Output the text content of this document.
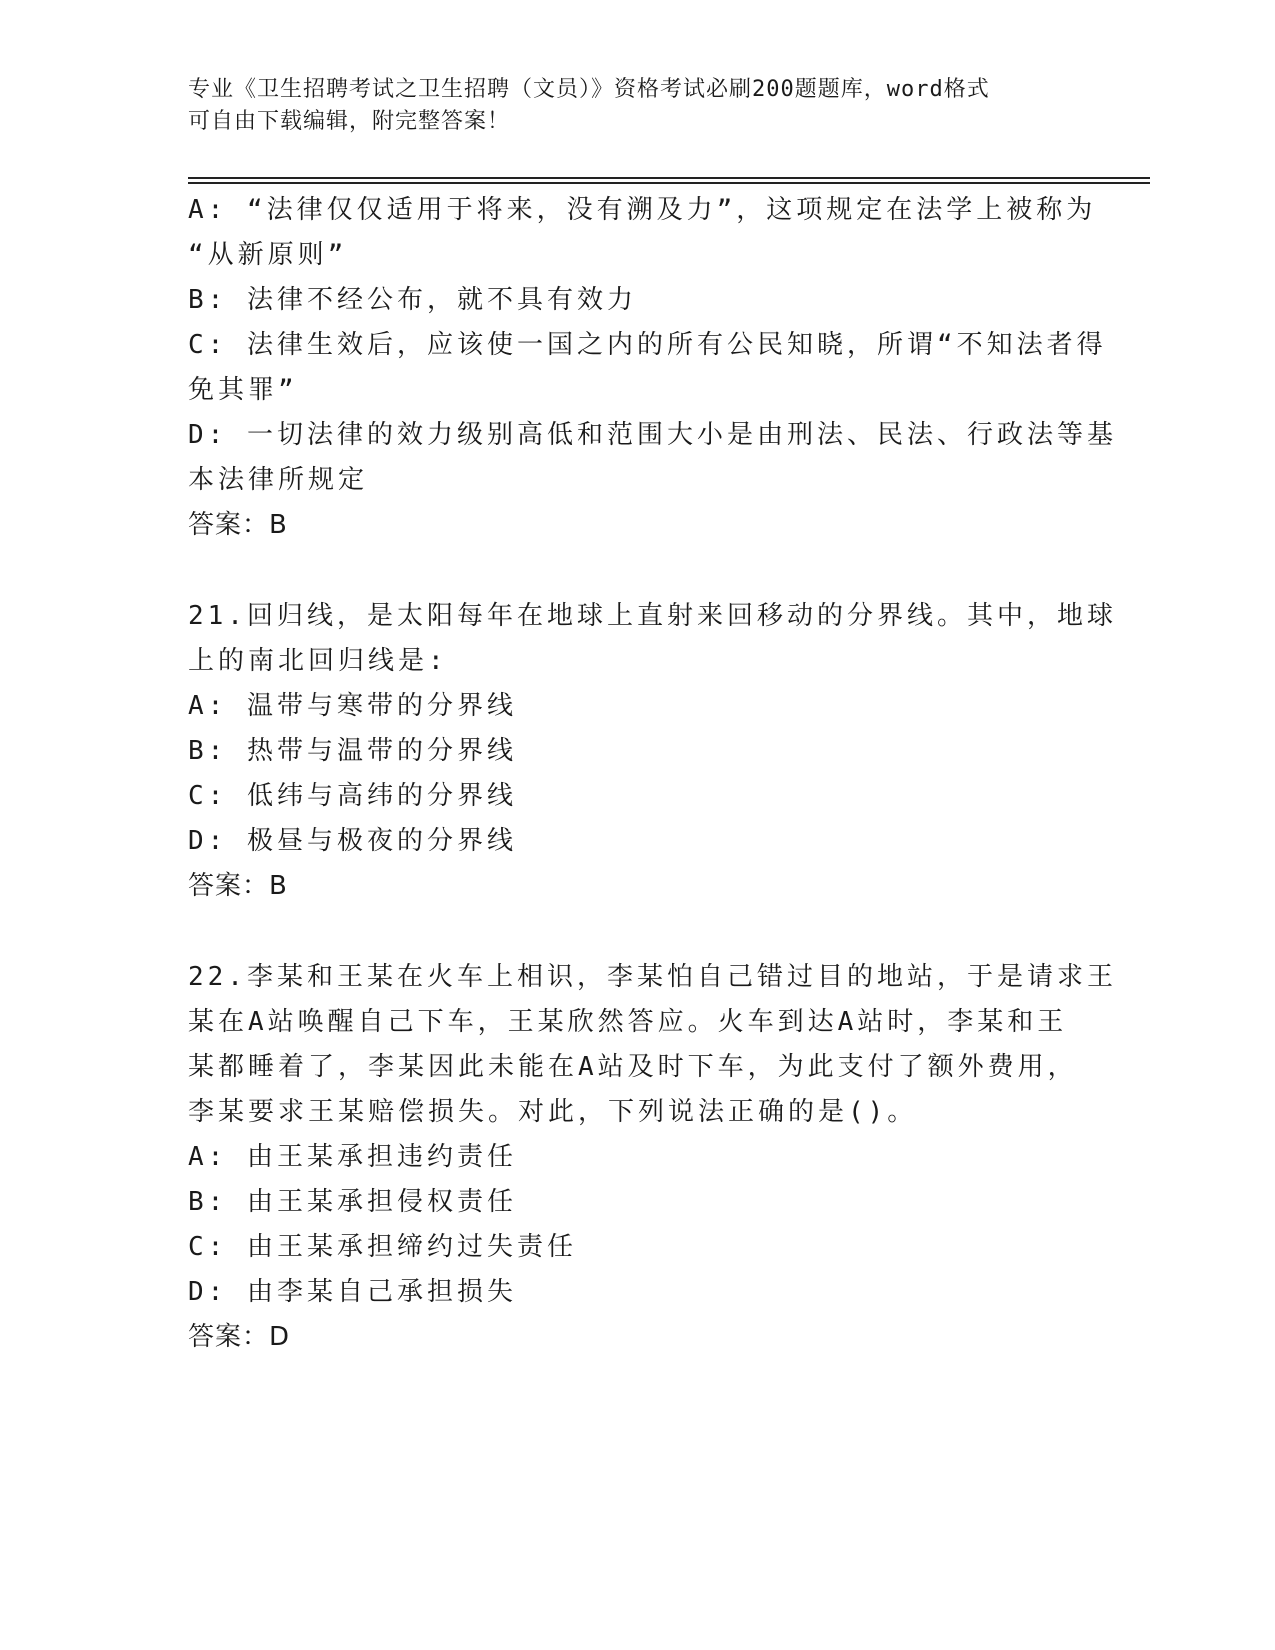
专业《卫生招聘考试之卫生招聘（文员）》资格考试必刷200题题库，word格式
可自由下载编辑，附完整答案！
A: “法律仅仅适用于将来，没有溯及力”，这项规定在法学上被称为
“从新原则”
B: 法律不经公布，就不具有效力
C: 法律生效后，应该使一国之内的所有公民知晓，所谓“不知法者得
免其罪”
D: 一切法律的效力级别高低和范围大小是由刑法、民法、行政法等基
本法律所规定
答案：B
21.回归线，是太阳每年在地球上直射来回移动的分界线。其中，地球
上的南北回归线是:
A: 温带与寒带的分界线
B: 热带与温带的分界线
C: 低纬与高纬的分界线
D: 极昼与极夜的分界线
答案：B
22.李某和王某在火车上相识，李某怕自己错过目的地站，于是请求王
某在A站唤醒自己下车，王某欣然答应。火车到达A站时，李某和王
某都睡着了，李某因此未能在A站及时下车，为此支付了额外费用，
李某要求王某赔偿损失。对此，下列说法正确的是()。
A: 由王某承担违约责任
B: 由王某承担侵权责任
C: 由王某承担缔约过失责任
D: 由李某自己承担损失
答案：D
